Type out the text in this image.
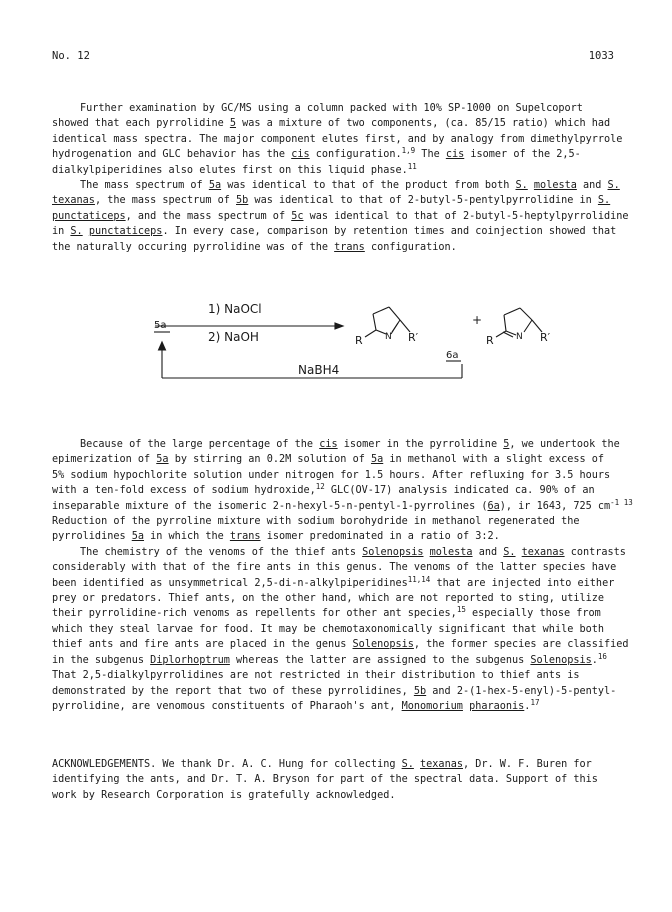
No. 12	1033

Further examination by GC/MS using a column packed with 10% SP-1000 on Supelcoport

showed that each pyrrolidine 5 was a mixture of two components, (ca. 85/15 ratio) which had

identical mass spectra. The major component elutes first, and by analogy from dimethylpyrrole

hydrogenation and GLC behavior has the cis configuration.$^{1,9}$ The cis isomer of the 2,5-

dialkylpiperidines also elutes first on this liquid phase.$^{11}$

The mass spectrum of 5a was identical to that of the product from both S. molesta and S.

texanas, the mass spectrum of 5b was identical to that of 2-butyl-5-pentylpyrrolidine in S.

punctaticeps, and the mass spectrum of 5c was identical to that of 2-butyl-5-heptylpyrrolidine

in S. punctaticeps. In every case, comparison by retention times and coinjection showed that

the naturally occuring pyrrolidine was of the trans configuration.

1) NaOCl
2) NaOH
5a
NaBH4
6a
+
R N R′	R N R′

Because of the large percentage of the cis isomer in the pyrrolidine 5, we undertook the

epimerization of 5a by stirring an 0.2M solution of 5a in methanol with a slight excess of

5% sodium hypochlorite solution under nitrogen for 1.5 hours. After refluxing for 3.5 hours

with a ten-fold excess of sodium hydroxide,$^{12}$ GLC(OV-17) analysis indicated ca. 90% of an

inseparable mixture of the isomeric 2-n-hexyl-5-n-pentyl-1-pyrrolines (6a), ir 1643, 725 $cm^{-1 13}$

Reduction of the pyrroline mixture with sodium borohydride in methanol regenerated the

pyrrolidines 5a in which the trans isomer predominated in a ratio of 3:2.

The chemistry of the venoms of the thief ants Solenopsis molesta and S. texanas contrasts

considerably with that of the fire ants in this genus. The venoms of the latter species have

been identified as unsymmetrical 2,5-di-n-alkylpiperidines$^{11,14}$ that are injected into either

prey or predators. Thief ants, on the other hand, which are not reported to sting, utilize

their pyrrolidine-rich venoms as repellents for other ant species,$^{15}$ especially those from

which they steal larvae for food. It may be chemotaxonomically significant that while both

thief ants and fire ants are placed in the genus Solenopsis, the former species are classified

in the subgenus Diplorhoptrum whereas the latter are assigned to the subgenus Solenopsis.$^{16}$

That 2,5-dialkylpyrrolidines are not restricted in their distribution to thief ants is

demonstrated by the report that two of these pyrrolidines, 5b and 2-(1-hex-5-enyl)-5-pentyl-

pyrrolidine, are venomous constituents of Pharaoh's ant, Monomorium pharaonis.$^{17}$

ACKNOWLEDGEMENTS. We thank Dr. A. C. Hung for collecting S. texanas, Dr. W. F. Buren for

identifying the ants, and Dr. T. A. Bryson for part of the spectral data. Support of this

work by Research Corporation is gratefully acknowledged.
